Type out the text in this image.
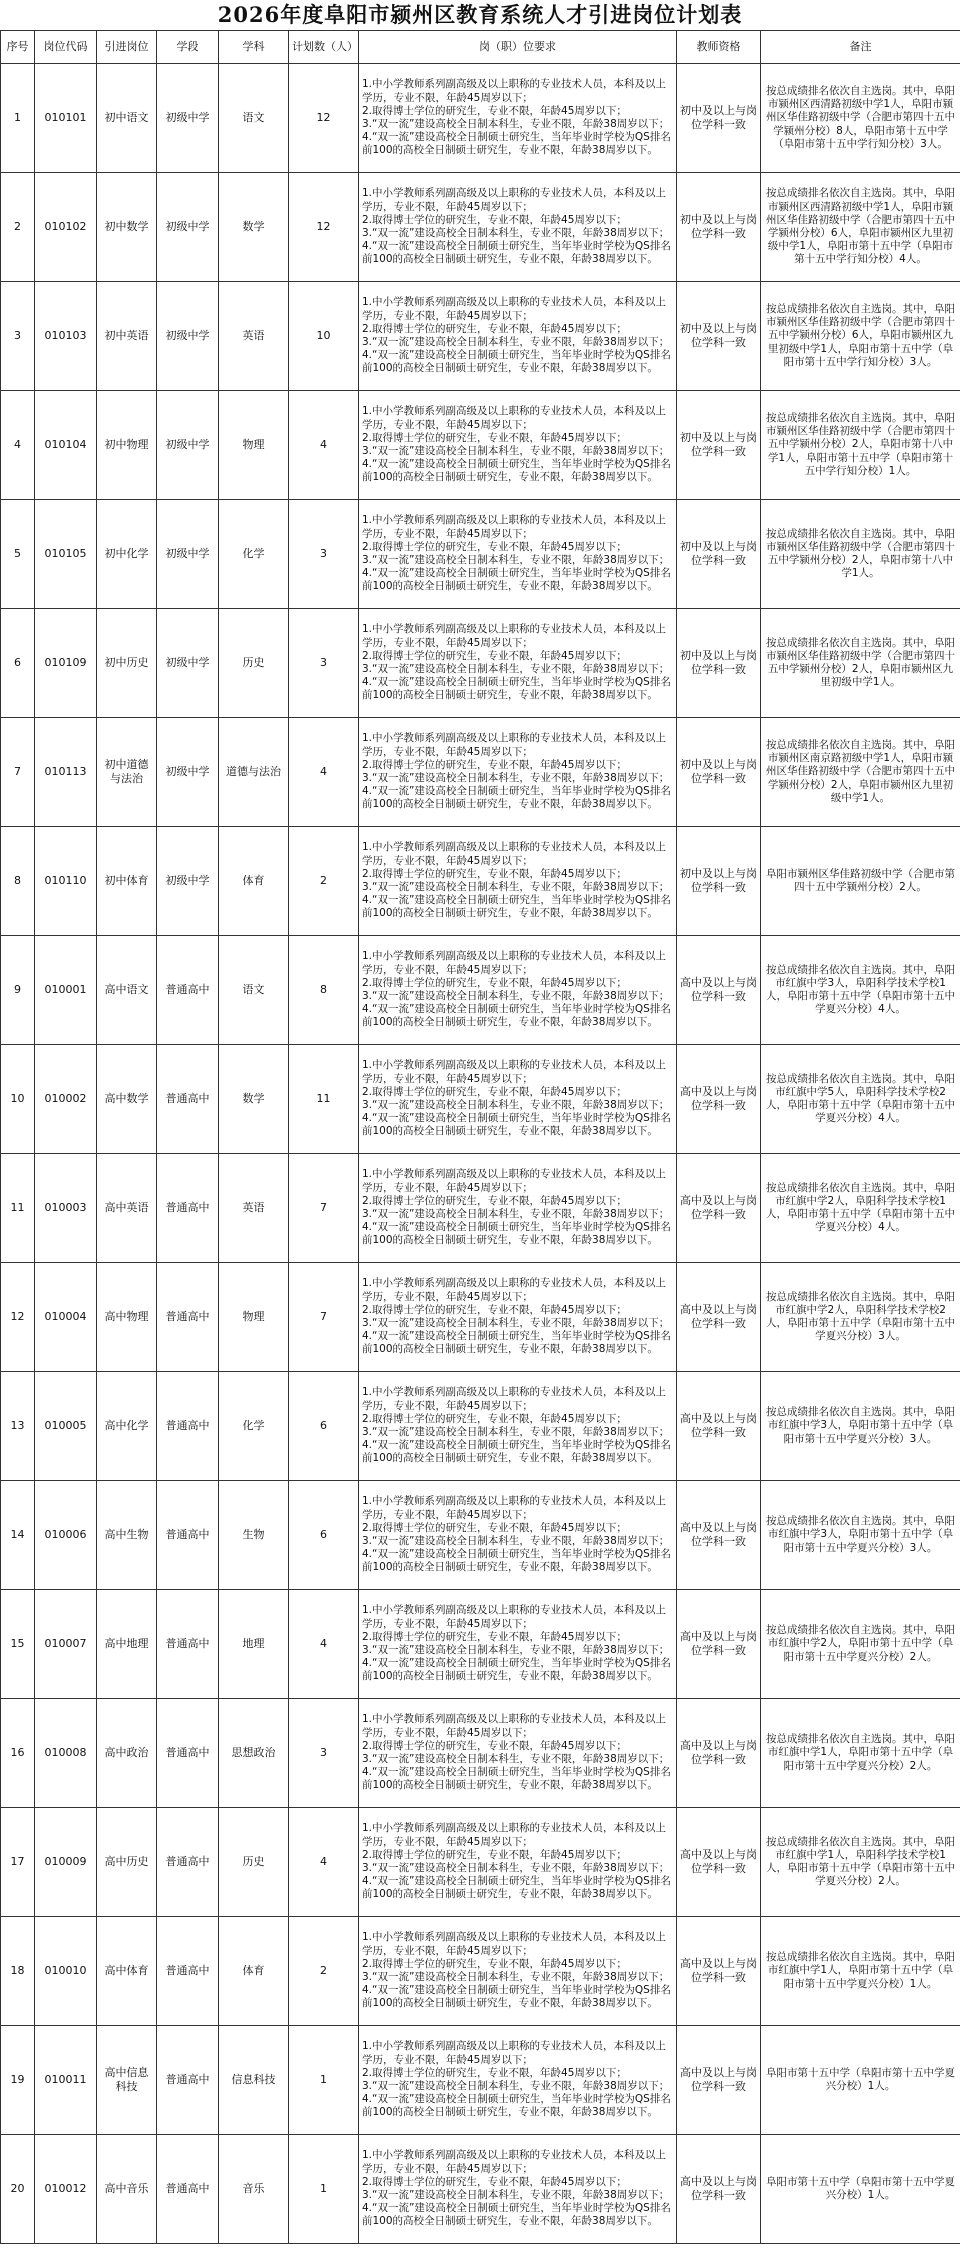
2026年度阜阳市颍州区教育系统人才引进岗位计划表
序号	岗位代码	引进岗位	学段	学科	计划数（人）	岗（职）位要求	教师资格	备注
1	010101	初中语文	初级中学	语文	12	1.中小学教师系列副高级及以上职称的专业技术人员，本科及以上学历，专业不限，年龄45周岁以下；
2.取得博士学位的研究生，专业不限，年龄45周岁以下；
3.“双一流”建设高校全日制本科生，专业不限，年龄38周岁以下；
4.“双一流”建设高校全日制硕士研究生，当年毕业时学校为QS排名前100的高校全日制硕士研究生，专业不限，年龄38周岁以下。	初中及以上与岗位学科一致	按总成绩排名依次自主选岗。其中，阜阳市颍州区西清路初级中学1人，阜阳市颍州区华佳路初级中学（合肥市第四十五中学颍州分校）8人，阜阳市第十五中学（阜阳市第十五中学行知分校）3人。
2	010102	初中数学	初级中学	数学	12	1.中小学教师系列副高级及以上职称的专业技术人员，本科及以上学历，专业不限，年龄45周岁以下；
2.取得博士学位的研究生，专业不限，年龄45周岁以下；
3.“双一流”建设高校全日制本科生，专业不限，年龄38周岁以下；
4.“双一流”建设高校全日制硕士研究生，当年毕业时学校为QS排名前100的高校全日制硕士研究生，专业不限，年龄38周岁以下。	初中及以上与岗位学科一致	按总成绩排名依次自主选岗。其中，阜阳市颍州区西清路初级中学1人，阜阳市颍州区华佳路初级中学（合肥市第四十五中学颍州分校）6人，阜阳市颍州区九里初级中学1人，阜阳市第十五中学（阜阳市第十五中学行知分校）4人。
3	010103	初中英语	初级中学	英语	10	1.中小学教师系列副高级及以上职称的专业技术人员，本科及以上学历，专业不限，年龄45周岁以下；
2.取得博士学位的研究生，专业不限，年龄45周岁以下；
3.“双一流”建设高校全日制本科生，专业不限，年龄38周岁以下；
4.“双一流”建设高校全日制硕士研究生，当年毕业时学校为QS排名前100的高校全日制硕士研究生，专业不限，年龄38周岁以下。	初中及以上与岗位学科一致	按总成绩排名依次自主选岗。其中，阜阳市颍州区华佳路初级中学（合肥市第四十五中学颍州分校）6人，阜阳市颍州区九里初级中学1人，阜阳市第十五中学（阜阳市第十五中学行知分校）3人。
4	010104	初中物理	初级中学	物理	4	1.中小学教师系列副高级及以上职称的专业技术人员，本科及以上学历，专业不限，年龄45周岁以下；
2.取得博士学位的研究生，专业不限，年龄45周岁以下；
3.“双一流”建设高校全日制本科生，专业不限，年龄38周岁以下；
4.“双一流”建设高校全日制硕士研究生，当年毕业时学校为QS排名前100的高校全日制硕士研究生，专业不限，年龄38周岁以下。	初中及以上与岗位学科一致	按总成绩排名依次自主选岗。其中，阜阳市颍州区华佳路初级中学（合肥市第四十五中学颍州分校）2人，阜阳市第十八中学1人，阜阳市第十五中学（阜阳市第十五中学行知分校）1人。
5	010105	初中化学	初级中学	化学	3	1.中小学教师系列副高级及以上职称的专业技术人员，本科及以上学历，专业不限，年龄45周岁以下；
2.取得博士学位的研究生，专业不限，年龄45周岁以下；
3.“双一流”建设高校全日制本科生，专业不限，年龄38周岁以下；
4.“双一流”建设高校全日制硕士研究生，当年毕业时学校为QS排名前100的高校全日制硕士研究生，专业不限，年龄38周岁以下。	初中及以上与岗位学科一致	按总成绩排名依次自主选岗。其中，阜阳市颍州区华佳路初级中学（合肥市第四十五中学颍州分校）2人，阜阳市第十八中学1人。
6	010109	初中历史	初级中学	历史	3	1.中小学教师系列副高级及以上职称的专业技术人员，本科及以上学历，专业不限，年龄45周岁以下；
2.取得博士学位的研究生，专业不限，年龄45周岁以下；
3.“双一流”建设高校全日制本科生，专业不限，年龄38周岁以下；
4.“双一流”建设高校全日制硕士研究生，当年毕业时学校为QS排名前100的高校全日制硕士研究生，专业不限，年龄38周岁以下。	初中及以上与岗位学科一致	按总成绩排名依次自主选岗。其中，阜阳市颍州区华佳路初级中学（合肥市第四十五中学颍州分校）2人，阜阳市颍州区九里初级中学1人。
7	010113	初中道德与法治	初级中学	道德与法治	4	1.中小学教师系列副高级及以上职称的专业技术人员，本科及以上学历，专业不限，年龄45周岁以下；
2.取得博士学位的研究生，专业不限，年龄45周岁以下；
3.“双一流”建设高校全日制本科生，专业不限，年龄38周岁以下；
4.“双一流”建设高校全日制硕士研究生，当年毕业时学校为QS排名前100的高校全日制硕士研究生，专业不限，年龄38周岁以下。	初中及以上与岗位学科一致	按总成绩排名依次自主选岗。其中，阜阳市颍州区南京路初级中学1人，阜阳市颍州区华佳路初级中学（合肥市第四十五中学颍州分校）2人，阜阳市颍州区九里初级中学1人。
8	010110	初中体育	初级中学	体育	2	1.中小学教师系列副高级及以上职称的专业技术人员，本科及以上学历，专业不限，年龄45周岁以下；
2.取得博士学位的研究生，专业不限，年龄45周岁以下；
3.“双一流”建设高校全日制本科生，专业不限，年龄38周岁以下；
4.“双一流”建设高校全日制硕士研究生，当年毕业时学校为QS排名前100的高校全日制硕士研究生，专业不限，年龄38周岁以下。	初中及以上与岗位学科一致	阜阳市颍州区华佳路初级中学（合肥市第四十五中学颍州分校）2人。
9	010001	高中语文	普通高中	语文	8	1.中小学教师系列副高级及以上职称的专业技术人员，本科及以上学历，专业不限，年龄45周岁以下；
2.取得博士学位的研究生，专业不限，年龄45周岁以下；
3.“双一流”建设高校全日制本科生，专业不限，年龄38周岁以下；
4.“双一流”建设高校全日制硕士研究生，当年毕业时学校为QS排名前100的高校全日制硕士研究生，专业不限，年龄38周岁以下。	高中及以上与岗位学科一致	按总成绩排名依次自主选岗。其中，阜阳市红旗中学3人，阜阳科学技术学校1人，阜阳市第十五中学（阜阳市第十五中学夏兴分校）4人。
10	010002	高中数学	普通高中	数学	11	1.中小学教师系列副高级及以上职称的专业技术人员，本科及以上学历，专业不限，年龄45周岁以下；
2.取得博士学位的研究生，专业不限，年龄45周岁以下；
3.“双一流”建设高校全日制本科生，专业不限，年龄38周岁以下；
4.“双一流”建设高校全日制硕士研究生，当年毕业时学校为QS排名前100的高校全日制硕士研究生，专业不限，年龄38周岁以下。	高中及以上与岗位学科一致	按总成绩排名依次自主选岗。其中，阜阳市红旗中学5人，阜阳科学技术学校2人，阜阳市第十五中学（阜阳市第十五中学夏兴分校）4人。
11	010003	高中英语	普通高中	英语	7	1.中小学教师系列副高级及以上职称的专业技术人员，本科及以上学历，专业不限，年龄45周岁以下；
2.取得博士学位的研究生，专业不限，年龄45周岁以下；
3.“双一流”建设高校全日制本科生，专业不限，年龄38周岁以下；
4.“双一流”建设高校全日制硕士研究生，当年毕业时学校为QS排名前100的高校全日制硕士研究生，专业不限，年龄38周岁以下。	高中及以上与岗位学科一致	按总成绩排名依次自主选岗。其中，阜阳市红旗中学2人，阜阳科学技术学校1人，阜阳市第十五中学（阜阳市第十五中学夏兴分校）4人。
12	010004	高中物理	普通高中	物理	7	1.中小学教师系列副高级及以上职称的专业技术人员，本科及以上学历，专业不限，年龄45周岁以下；
2.取得博士学位的研究生，专业不限，年龄45周岁以下；
3.“双一流”建设高校全日制本科生，专业不限，年龄38周岁以下；
4.“双一流”建设高校全日制硕士研究生，当年毕业时学校为QS排名前100的高校全日制硕士研究生，专业不限，年龄38周岁以下。	高中及以上与岗位学科一致	按总成绩排名依次自主选岗。其中，阜阳市红旗中学2人，阜阳科学技术学校2人，阜阳市第十五中学（阜阳市第十五中学夏兴分校）3人。
13	010005	高中化学	普通高中	化学	6	1.中小学教师系列副高级及以上职称的专业技术人员，本科及以上学历，专业不限，年龄45周岁以下；
2.取得博士学位的研究生，专业不限，年龄45周岁以下；
3.“双一流”建设高校全日制本科生，专业不限，年龄38周岁以下；
4.“双一流”建设高校全日制硕士研究生，当年毕业时学校为QS排名前100的高校全日制硕士研究生，专业不限，年龄38周岁以下。	高中及以上与岗位学科一致	按总成绩排名依次自主选岗。其中，阜阳市红旗中学3人，阜阳市第十五中学（阜阳市第十五中学夏兴分校）3人。
14	010006	高中生物	普通高中	生物	6	1.中小学教师系列副高级及以上职称的专业技术人员，本科及以上学历，专业不限，年龄45周岁以下；
2.取得博士学位的研究生，专业不限，年龄45周岁以下；
3.“双一流”建设高校全日制本科生，专业不限，年龄38周岁以下；
4.“双一流”建设高校全日制硕士研究生，当年毕业时学校为QS排名前100的高校全日制硕士研究生，专业不限，年龄38周岁以下。	高中及以上与岗位学科一致	按总成绩排名依次自主选岗。其中，阜阳市红旗中学3人，阜阳市第十五中学（阜阳市第十五中学夏兴分校）3人。
15	010007	高中地理	普通高中	地理	4	1.中小学教师系列副高级及以上职称的专业技术人员，本科及以上学历，专业不限，年龄45周岁以下；
2.取得博士学位的研究生，专业不限，年龄45周岁以下；
3.“双一流”建设高校全日制本科生，专业不限，年龄38周岁以下；
4.“双一流”建设高校全日制硕士研究生，当年毕业时学校为QS排名前100的高校全日制硕士研究生，专业不限，年龄38周岁以下。	高中及以上与岗位学科一致	按总成绩排名依次自主选岗。其中，阜阳市红旗中学2人，阜阳市第十五中学（阜阳市第十五中学夏兴分校）2人。
16	010008	高中政治	普通高中	思想政治	3	1.中小学教师系列副高级及以上职称的专业技术人员，本科及以上学历，专业不限，年龄45周岁以下；
2.取得博士学位的研究生，专业不限，年龄45周岁以下；
3.“双一流”建设高校全日制本科生，专业不限，年龄38周岁以下；
4.“双一流”建设高校全日制硕士研究生，当年毕业时学校为QS排名前100的高校全日制硕士研究生，专业不限，年龄38周岁以下。	高中及以上与岗位学科一致	按总成绩排名依次自主选岗。其中，阜阳市红旗中学1人，阜阳市第十五中学（阜阳市第十五中学夏兴分校）2人。
17	010009	高中历史	普通高中	历史	4	1.中小学教师系列副高级及以上职称的专业技术人员，本科及以上学历，专业不限，年龄45周岁以下；
2.取得博士学位的研究生，专业不限，年龄45周岁以下；
3.“双一流”建设高校全日制本科生，专业不限，年龄38周岁以下；
4.“双一流”建设高校全日制硕士研究生，当年毕业时学校为QS排名前100的高校全日制硕士研究生，专业不限，年龄38周岁以下。	高中及以上与岗位学科一致	按总成绩排名依次自主选岗。其中，阜阳市红旗中学1人，阜阳科学技术学校1人，阜阳市第十五中学（阜阳市第十五中学夏兴分校）2人。
18	010010	高中体育	普通高中	体育	2	1.中小学教师系列副高级及以上职称的专业技术人员，本科及以上学历，专业不限，年龄45周岁以下；
2.取得博士学位的研究生，专业不限，年龄45周岁以下；
3.“双一流”建设高校全日制本科生，专业不限，年龄38周岁以下；
4.“双一流”建设高校全日制硕士研究生，当年毕业时学校为QS排名前100的高校全日制硕士研究生，专业不限，年龄38周岁以下。	高中及以上与岗位学科一致	按总成绩排名依次自主选岗。其中，阜阳市红旗中学1人，阜阳市第十五中学（阜阳市第十五中学夏兴分校）1人。
19	010011	高中信息科技	普通高中	信息科技	1	1.中小学教师系列副高级及以上职称的专业技术人员，本科及以上学历，专业不限，年龄45周岁以下；
2.取得博士学位的研究生，专业不限，年龄45周岁以下；
3.“双一流”建设高校全日制本科生，专业不限，年龄38周岁以下；
4.“双一流”建设高校全日制硕士研究生，当年毕业时学校为QS排名前100的高校全日制硕士研究生，专业不限，年龄38周岁以下。	高中及以上与岗位学科一致	阜阳市第十五中学（阜阳市第十五中学夏兴分校）1人。
20	010012	高中音乐	普通高中	音乐	1	1.中小学教师系列副高级及以上职称的专业技术人员，本科及以上学历，专业不限，年龄45周岁以下；
2.取得博士学位的研究生，专业不限，年龄45周岁以下；
3.“双一流”建设高校全日制本科生，专业不限，年龄38周岁以下；
4.“双一流”建设高校全日制硕士研究生，当年毕业时学校为QS排名前100的高校全日制硕士研究生，专业不限，年龄38周岁以下。	高中及以上与岗位学科一致	阜阳市第十五中学（阜阳市第十五中学夏兴分校）1人。
